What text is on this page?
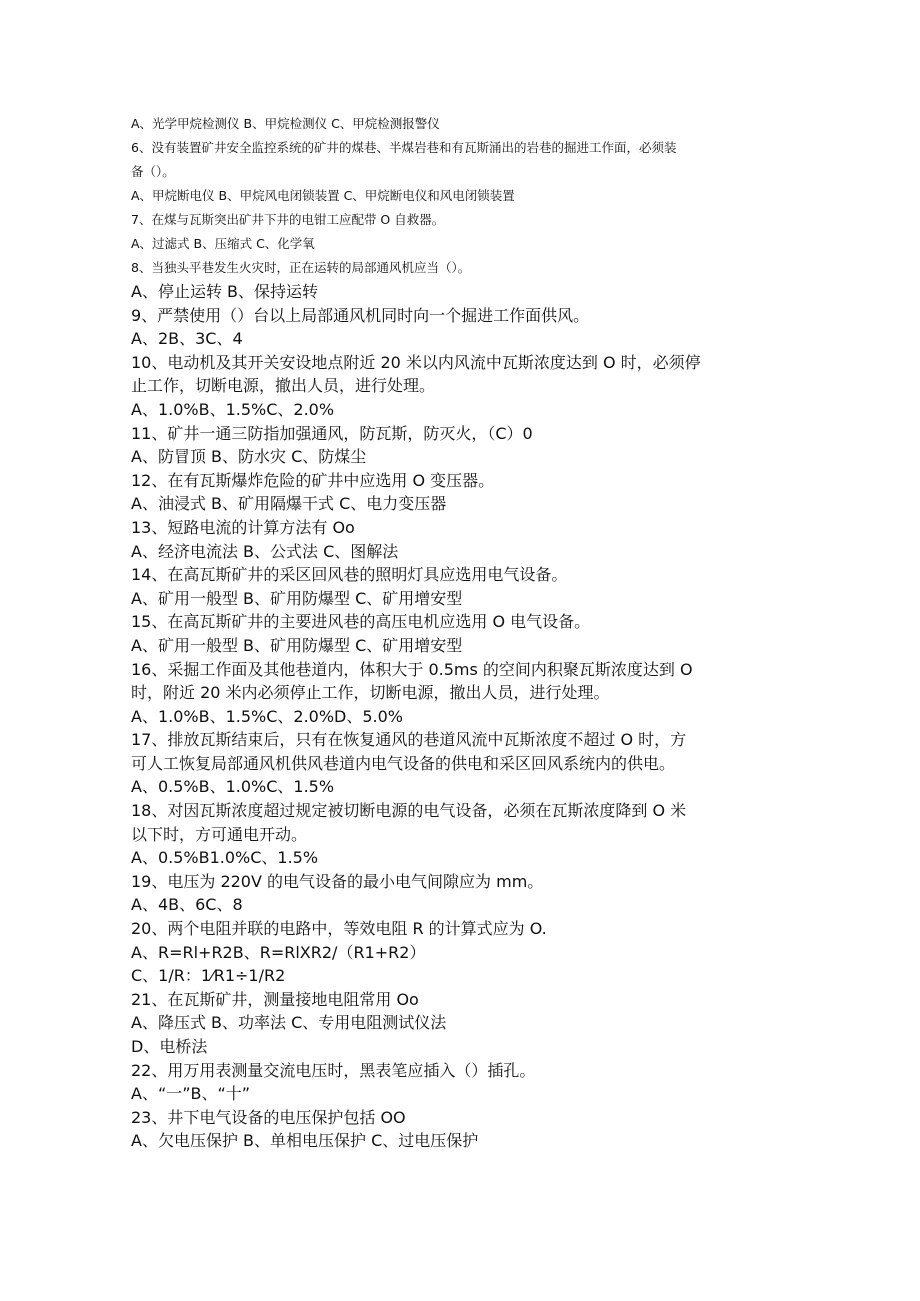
A、光学甲烷检测仪 B、甲烷检测仪 C、甲烷检测报警仪
6、没有装置矿井安全监控系统的矿井的煤巷、半煤岩巷和有瓦斯涌出的岩巷的掘进工作面，必须装
备（）。
A、甲烷断电仪 B、甲烷风电闭锁装置 C、甲烷断电仪和风电闭锁装置
7、在煤与瓦斯突出矿井下井的电钳工应配带 O 自救器。
A、过滤式 B、压缩式 C、化学氧
8、当独头平巷发生火灾时，正在运转的局部通风机应当（）。
A、停止运转 B、保持运转
9、严禁使用（）台以上局部通风机同时向一个掘进工作面供风。
A、2B、3C、4
10、电动机及其开关安设地点附近 20 米以内风流中瓦斯浓度达到 O 时，必须停
止工作，切断电源，撤出人员，进行处理。
A、1.0%B、1.5%C、2.0%
11、矿井一通三防指加强通风，防瓦斯，防灭火，（C）0
A、防冒顶 B、防水灾 C、防煤尘
12、在有瓦斯爆炸危险的矿井中应选用 O 变压器。
A、油浸式 B、矿用隔爆干式 C、电力变压器
13、短路电流的计算方法有 Oo
A、经济电流法 B、公式法 C、图解法
14、在高瓦斯矿井的采区回风巷的照明灯具应选用电气设备。
A、矿用一般型 B、矿用防爆型 C、矿用增安型
15、在高瓦斯矿井的主要进风巷的高压电机应选用 O 电气设备。
A、矿用一般型 B、矿用防爆型 C、矿用增安型
16、采掘工作面及其他巷道内，体积大于 0.5ms 的空间内积聚瓦斯浓度达到 O
时，附近 20 米内必须停止工作，切断电源，撤出人员，进行处理。
A、1.0%B、1.5%C、2.0%D、5.0%
17、排放瓦斯结束后，只有在恢复通风的巷道风流中瓦斯浓度不超过 O 时，方
可人工恢复局部通风机供风巷道内电气设备的供电和采区回风系统内的供电。
A、0.5%B、1.0%C、1.5%
18、对因瓦斯浓度超过规定被切断电源的电气设备，必须在瓦斯浓度降到 O 米
以下时，方可通电开动。
A、0.5%B1.0%C、1.5%
19、电压为 220V 的电气设备的最小电气间隙应为 mm。
A、4B、6C、8
20、两个电阻并联的电路中，等效电阻 R 的计算式应为 O.
A、R=Rl+R2B、R=RlXR2/（R1+R2）
C、1/R：1⁄R1÷1/R2
21、在瓦斯矿井，测量接地电阻常用 Oo
A、降压式 B、功率法 C、专用电阻测试仪法
D、电桥法
22、用万用表测量交流电压时，黑表笔应插入（）插孔。
A、“一”B、“十”
23、井下电气设备的电压保护包括 OO
A、欠电压保护 B、单相电压保护 C、过电压保护
